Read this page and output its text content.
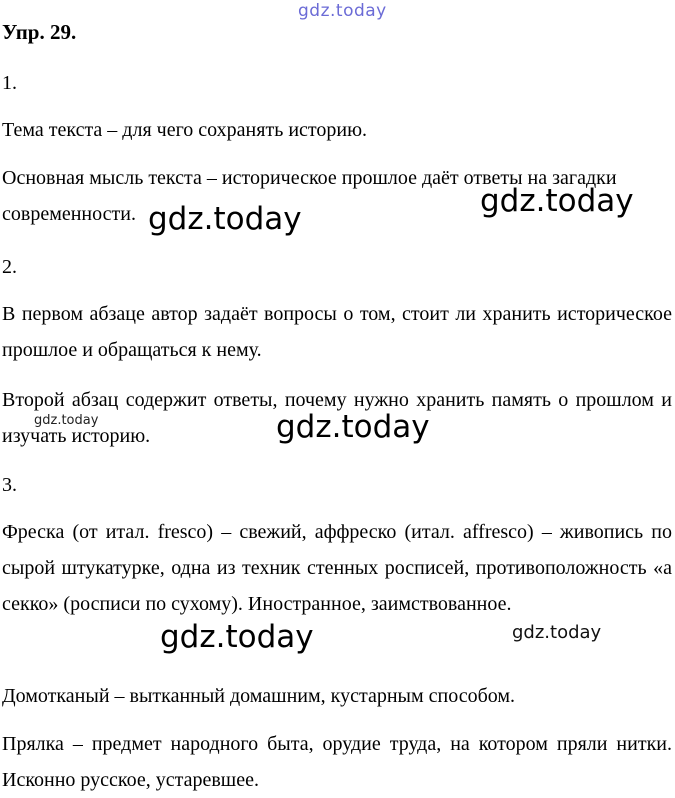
gdz.today
gdz.today
gdz.today
gdz.today	gdz.today
gdz.today	gdz.today
Упр. 29.
1.
Тема текста – для чего сохранять историю.
Основная мысль текста – историческое прошлое даёт ответы на загадки современности.
2.
В первом абзаце автор задаёт вопросы о том, стоит ли хранить историческое прошлое и обращаться к нему.
Второй абзац содержит ответы, почему нужно хранить память о прошлом и изучать историю.
3.
Фреска (от итал. fresco) – свежий, аффреско (итал. affresco) – живопись по сырой штукатурке, одна из техник стенных росписей, противоположность «а секко» (росписи по сухому). Иностранное, заимствованное.
Домотканый – вытканный домашним, кустарным способом.
Прялка – предмет народного быта, орудие труда, на котором пряли нитки. Исконно русское, устаревшее.
